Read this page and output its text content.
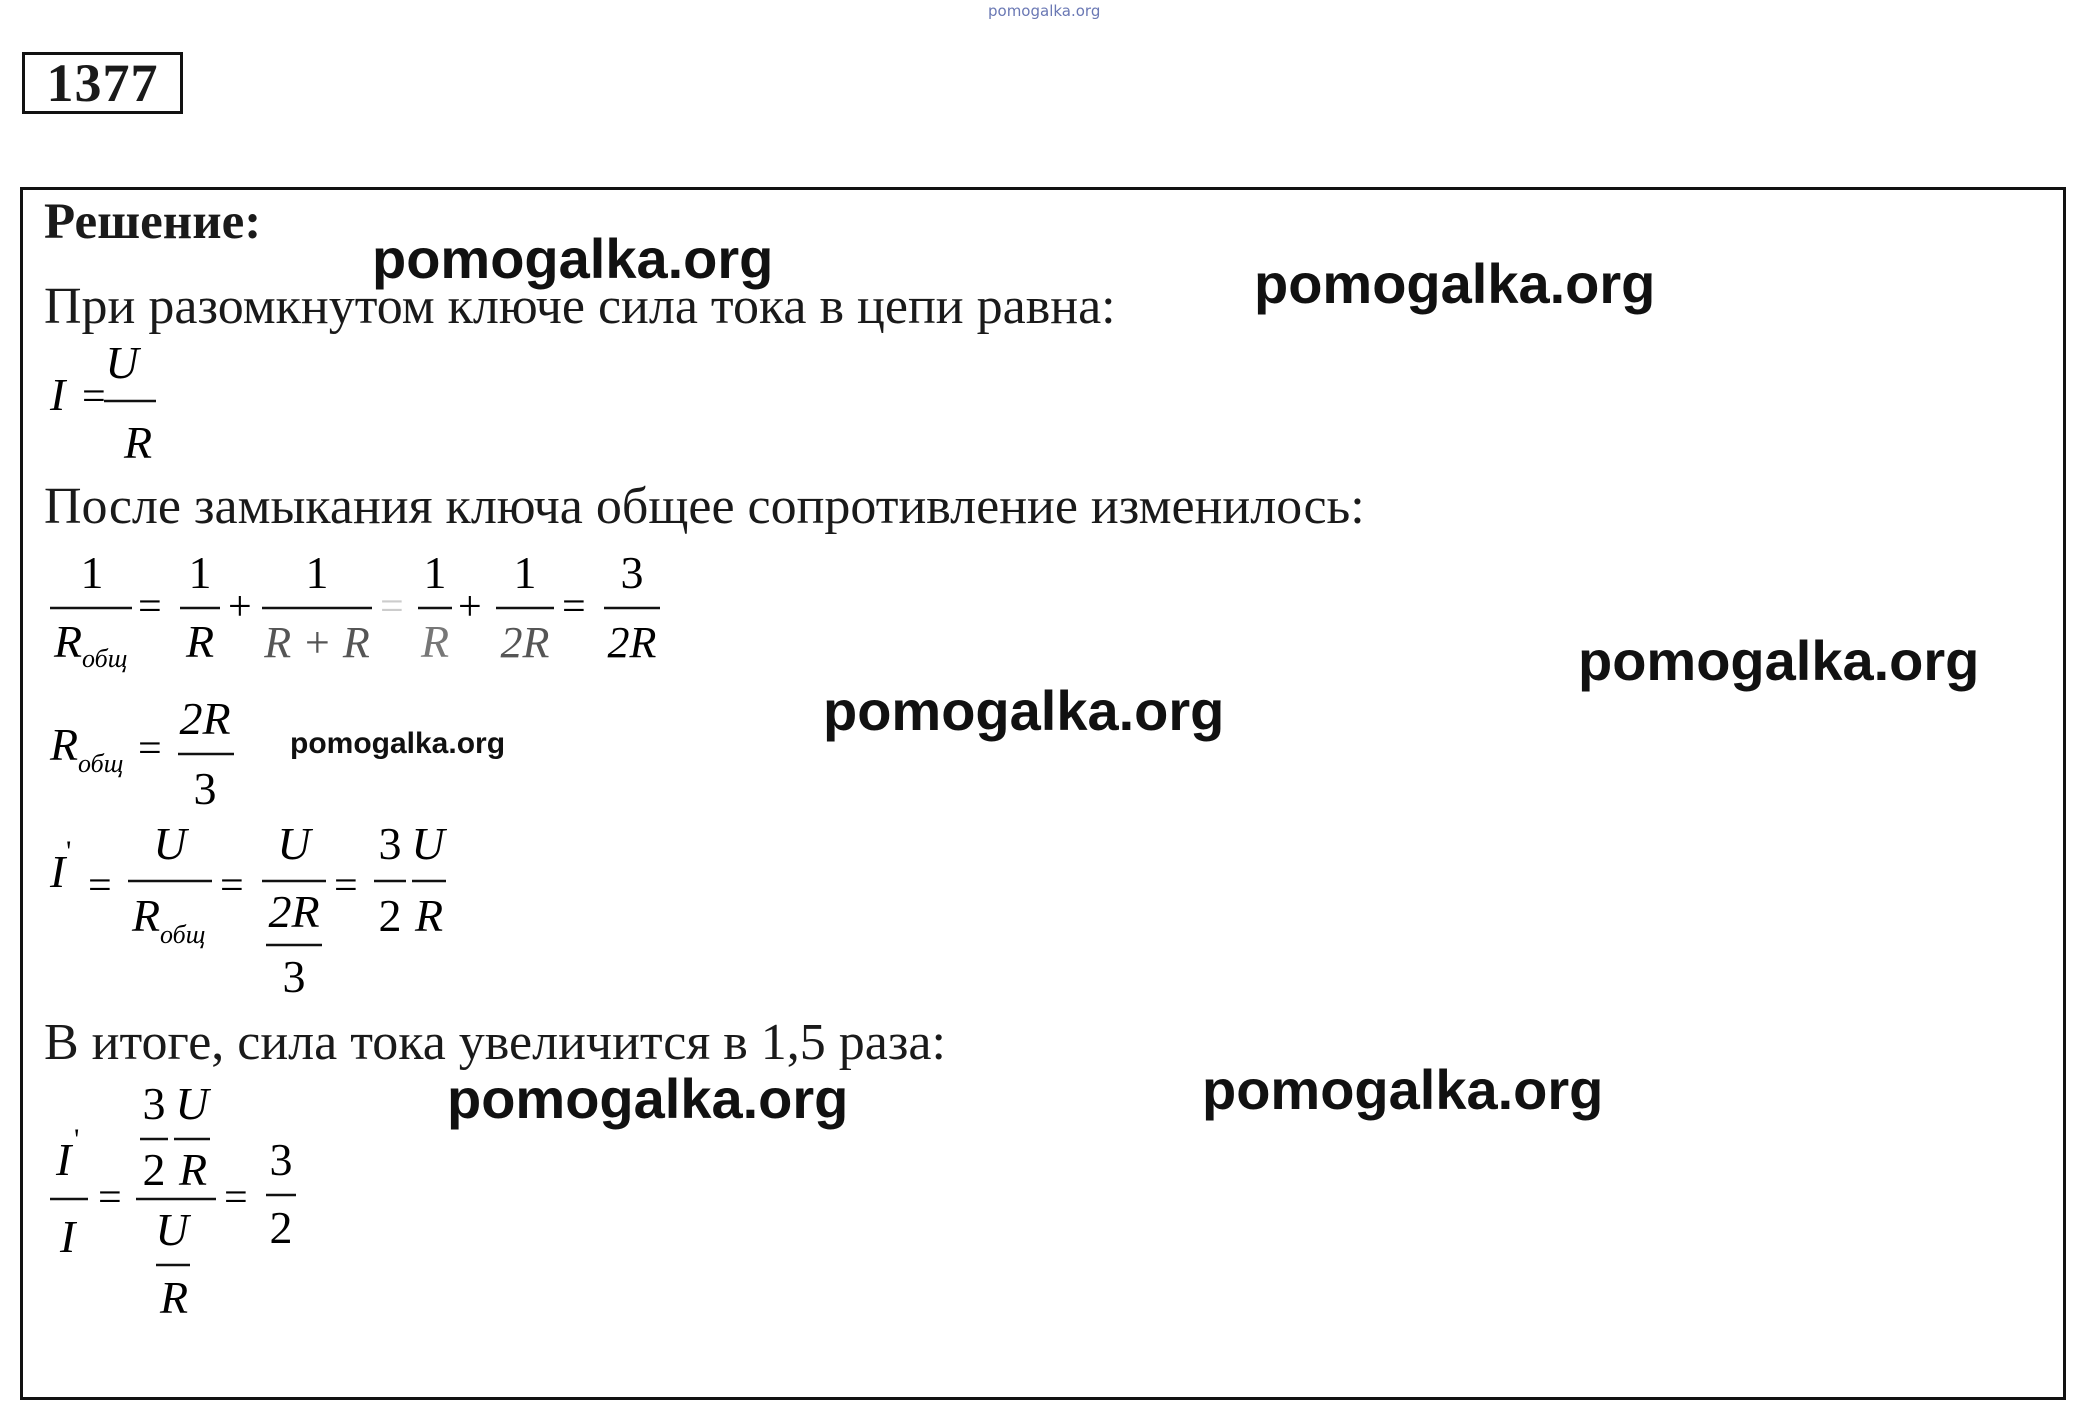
pomogalka.org
1377
Решение:
При разомкнутом ключе сила тока в цепи равна:
После замыкания ключа общее сопротивление изменилось:
В итоге, сила тока увеличится в 1,5 раза:
pomogalka.org	pomogalka.org
pomogalka.org
pomogalka.org
pomogalka.org
pomogalka.org	pomogalka.org
I =
U
R
1
R общ
=
1
R
+
1
R + R
=
1
R
+
1
2R
=
3
2R
R общ =
2R
3
I '
=
U
R общ
=
U
2R
3
=
3
2
U
R
I '
I
=
3
2
U
R
U
R
=
3
2
